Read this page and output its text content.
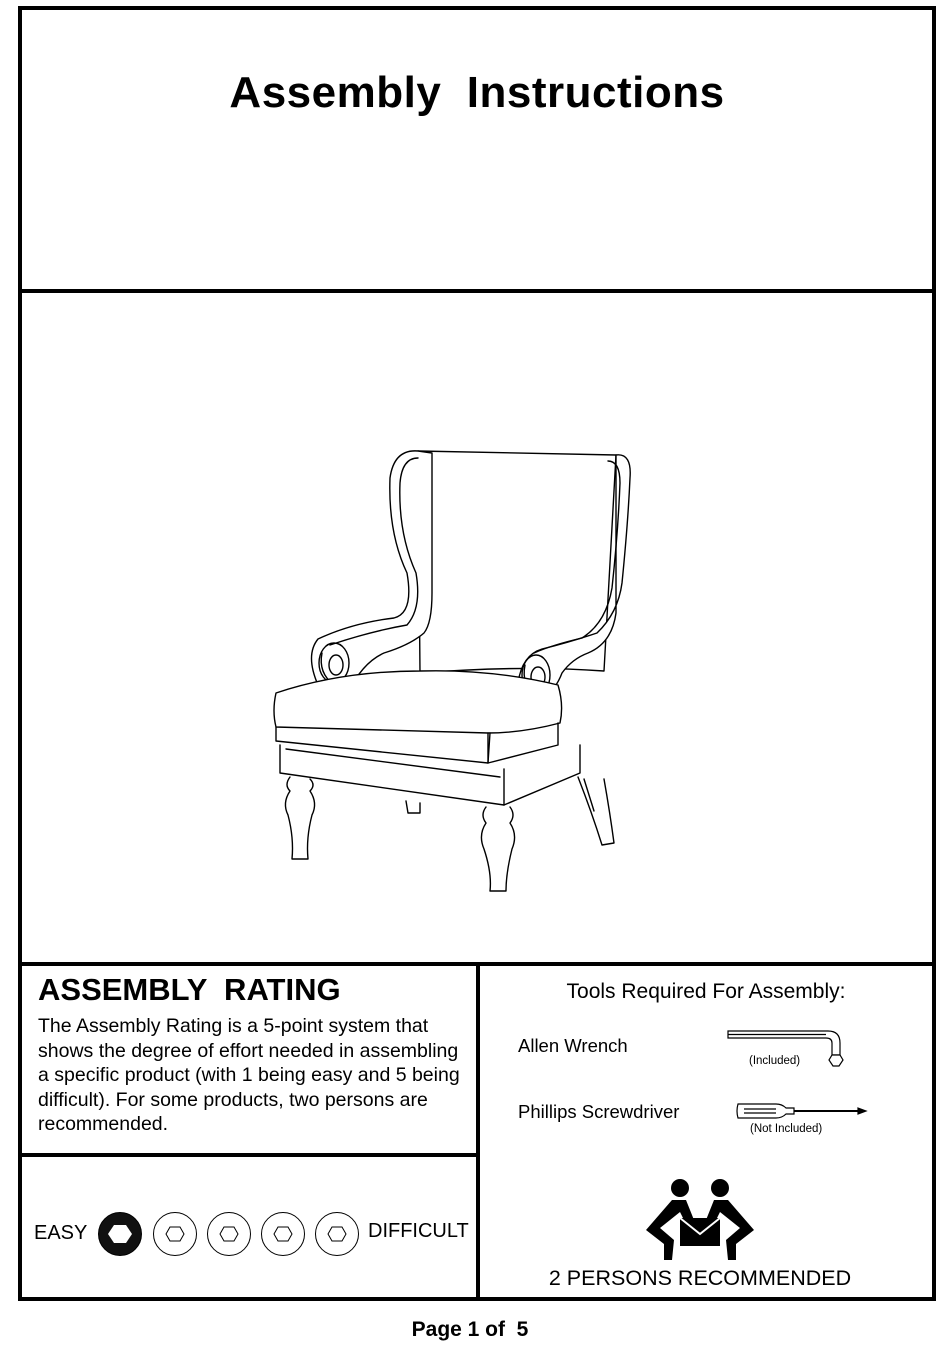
Assembly  Instructions
ASSEMBLY  RATING
The Assembly Rating is a 5-point system that shows the degree of effort needed in assembling a specific product (with 1 being easy and 5 being difficult). For some products, two persons are recommended.
EASY	DIFFICULT
Tools Required For Assembly:
Allen Wrench
(Included)
Phillips Screwdriver
(Not Included)
2 PERSONS RECOMMENDED
Page 1 of  5
